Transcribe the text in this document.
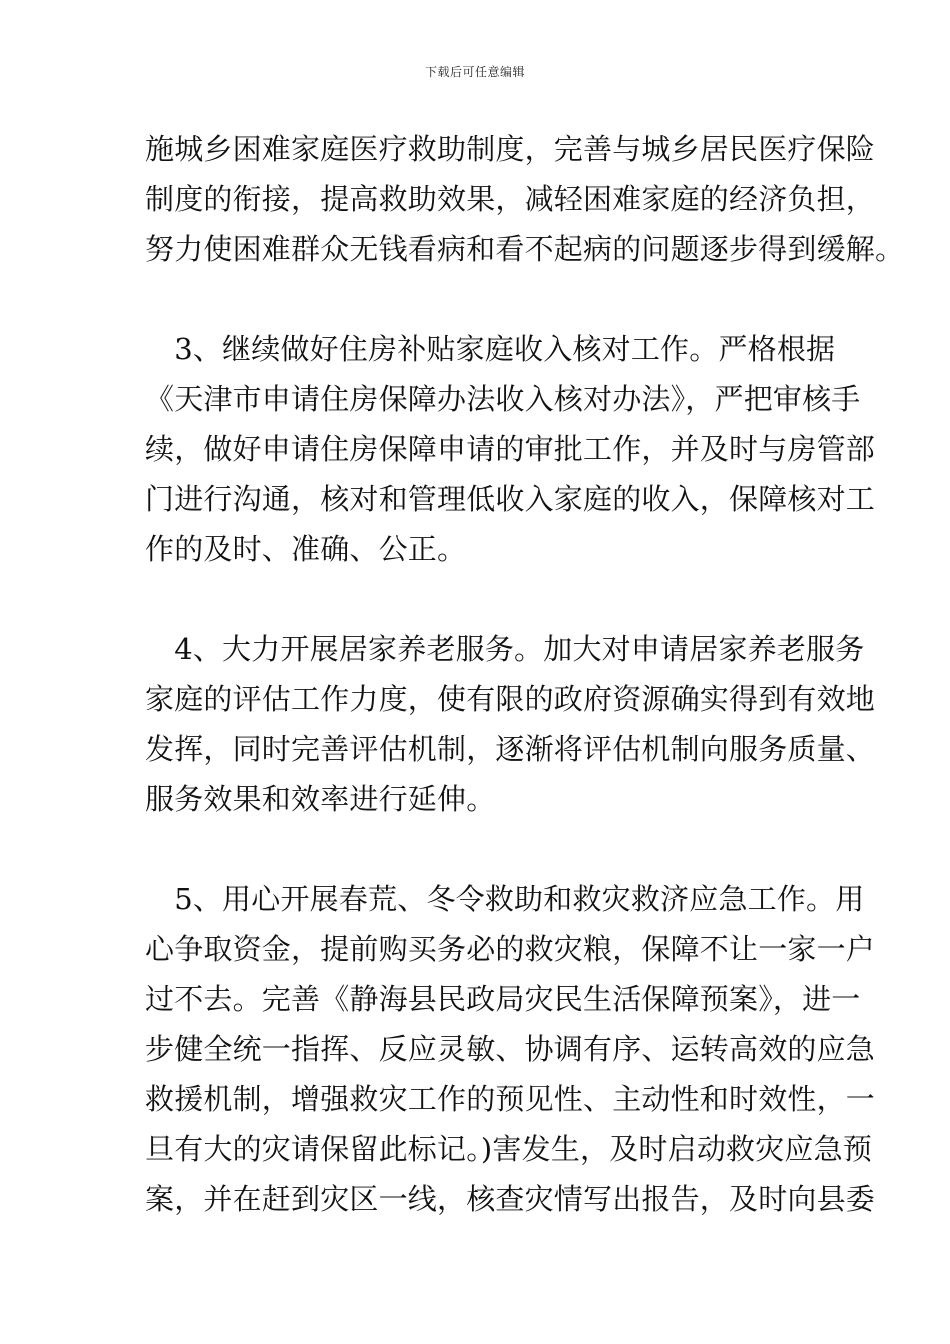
下载后可任意编辑
施城乡困难家庭医疗救助制度，完善与城乡居民医疗保险
制度的衔接，提高救助效果，减轻困难家庭的经济负担，
努力使困难群众无钱看病和看不起病的问题逐步得到缓解。
　3、继续做好住房补贴家庭收入核对工作。严格根据
《天津市申请住房保障办法收入核对办法》，严把审核手
续，做好申请住房保障申请的审批工作，并及时与房管部
门进行沟通，核对和管理低收入家庭的收入，保障核对工
作的及时、准确、公正。
　4、大力开展居家养老服务。加大对申请居家养老服务
家庭的评估工作力度，使有限的政府资源确实得到有效地
发挥，同时完善评估机制，逐渐将评估机制向服务质量、
服务效果和效率进行延伸。
　5、用心开展春荒、冬令救助和救灾救济应急工作。用
心争取资金，提前购买务必的救灾粮，保障不让一家一户
过不去。完善《静海县民政局灾民生活保障预案》，进一
步健全统一指挥、反应灵敏、协调有序、运转高效的应急
救援机制，增强救灾工作的预见性、主动性和时效性，一
旦有大的灾请保留此标记。)害发生，及时启动救灾应急预
案，并在赶到灾区一线，核查灾情写出报告，及时向县委
